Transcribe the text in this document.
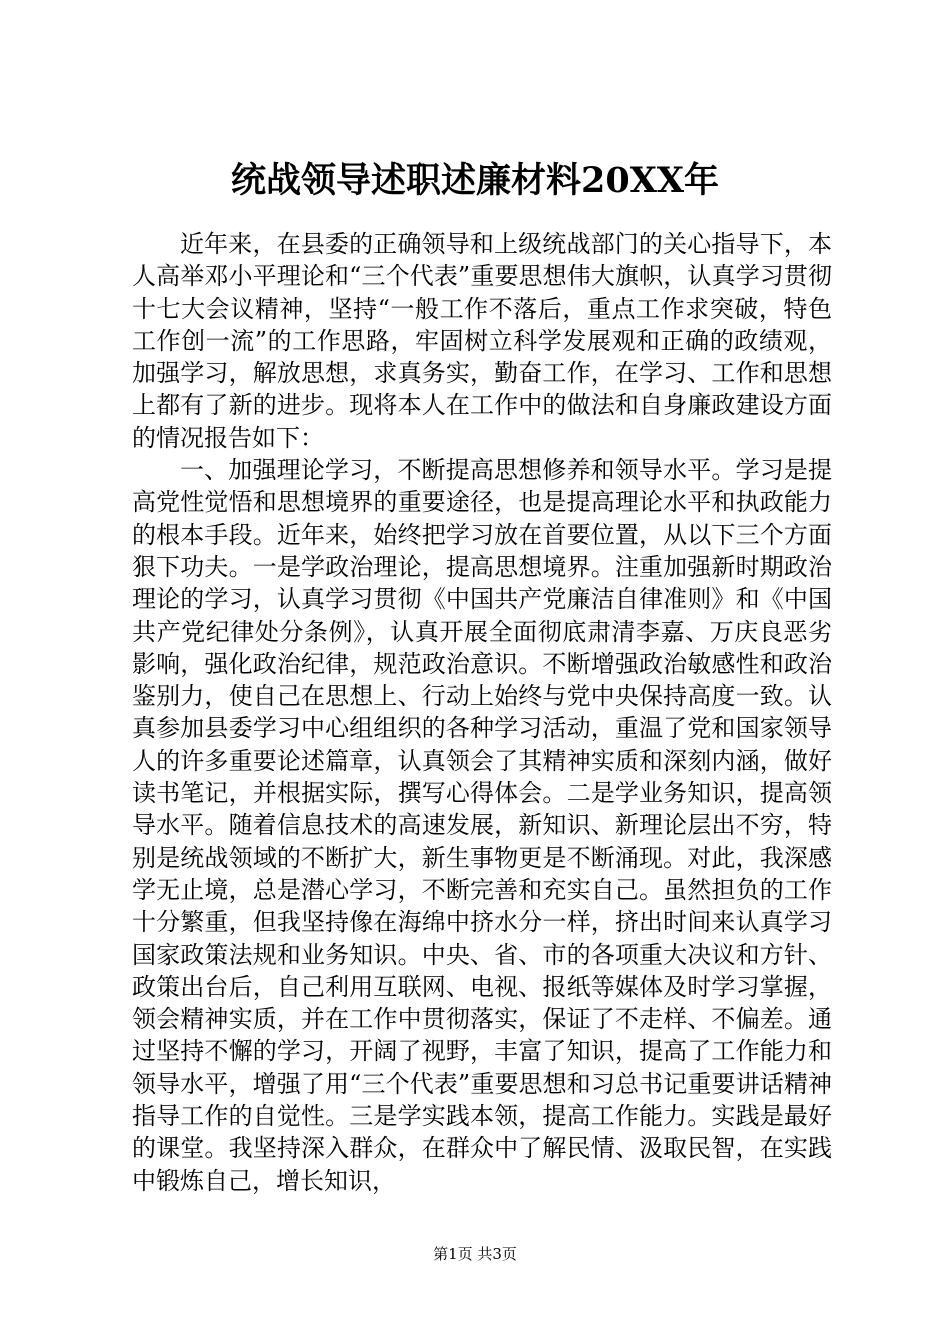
统战领导述职述廉材料20XX年

近年来，在县委的正确领导和上级统战部门的关心指导下，本人高举邓小平理论和“三个代表”重要思想伟大旗帜，认真学习贯彻十七大会议精神，坚持“一般工作不落后，重点工作求突破，特色工作创一流”的工作思路，牢固树立科学发展观和正确的政绩观，加强学习，解放思想，求真务实，勤奋工作，在学习、工作和思想上都有了新的进步。现将本人在工作中的做法和自身廉政建设方面的情况报告如下：

一、加强理论学习，不断提高思想修养和领导水平。学习是提高党性觉悟和思想境界的重要途径，也是提高理论水平和执政能力的根本手段。近年来，始终把学习放在首要位置，从以下三个方面狠下功夫。一是学政治理论，提高思想境界。注重加强新时期政治理论的学习，认真学习贯彻《中国共产党廉洁自律准则》和《中国共产党纪律处分条例》，认真开展全面彻底肃清李嘉、万庆良恶劣影响，强化政治纪律，规范政治意识。不断增强政治敏感性和政治鉴别力，使自己在思想上、行动上始终与党中央保持高度一致。认真参加县委学习中心组组织的各种学习活动，重温了党和国家领导人的许多重要论述篇章，认真领会了其精神实质和深刻内涵，做好读书笔记，并根据实际，撰写心得体会。二是学业务知识，提高领导水平。随着信息技术的高速发展，新知识、新理论层出不穷，特别是统战领域的不断扩大，新生事物更是不断涌现。对此，我深感学无止境，总是潜心学习，不断完善和充实自己。虽然担负的工作十分繁重，但我坚持像在海绵中挤水分一样，挤出时间来认真学习国家政策法规和业务知识。中央、省、市的各项重大决议和方针、政策出台后，自己利用互联网、电视、报纸等媒体及时学习掌握，领会精神实质，并在工作中贯彻落实，保证了不走样、不偏差。通过坚持不懈的学习，开阔了视野，丰富了知识，提高了工作能力和领导水平，增强了用“三个代表”重要思想和习总书记重要讲话精神指导工作的自觉性。三是学实践本领，提高工作能力。实践是最好的课堂。我坚持深入群众，在群众中了解民情、汲取民智，在实践中锻炼自己，增长知识，

第1页 共3页
